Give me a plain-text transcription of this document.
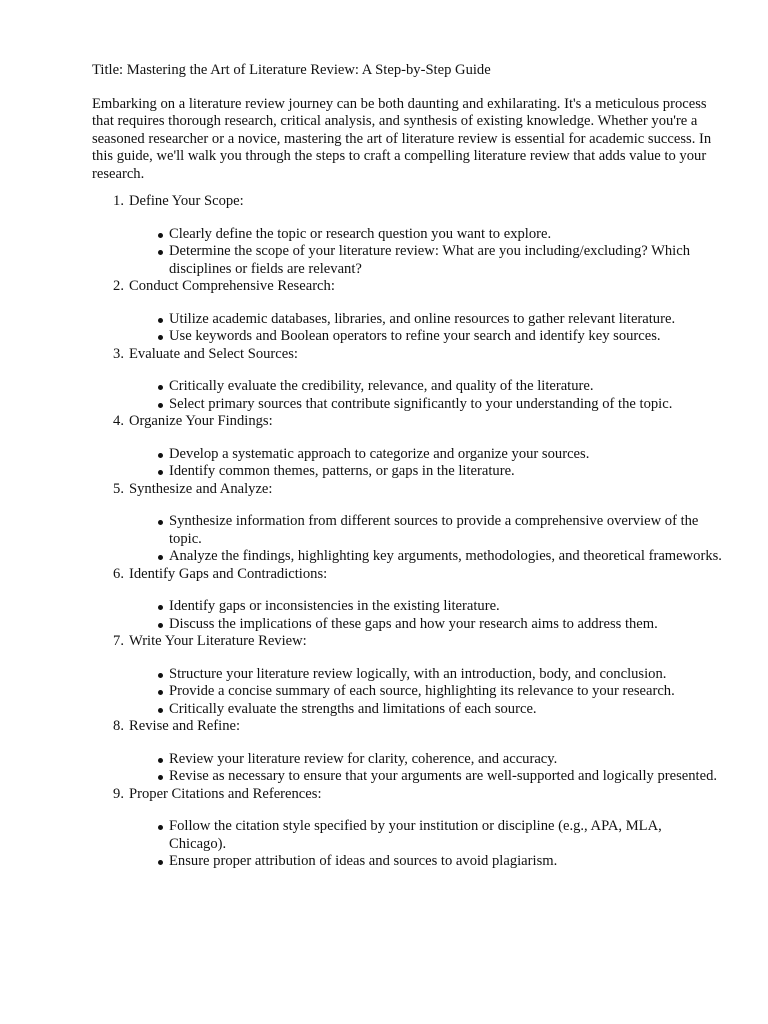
Title: Mastering the Art of Literature Review: A Step-by-Step Guide

Embarking on a literature review journey can be both daunting and exhilarating. It's a meticulous process that requires thorough research, critical analysis, and synthesis of existing knowledge. Whether you're a seasoned researcher or a novice, mastering the art of literature review is essential for academic success. In this guide, we'll walk you through the steps to craft a compelling literature review that adds value to your research.

1. Define Your Scope:
Clearly define the topic or research question you want to explore.
Determine the scope of your literature review: What are you including/excluding? Which disciplines or fields are relevant?
2. Conduct Comprehensive Research:
Utilize academic databases, libraries, and online resources to gather relevant literature.
Use keywords and Boolean operators to refine your search and identify key sources.
3. Evaluate and Select Sources:
Critically evaluate the credibility, relevance, and quality of the literature.
Select primary sources that contribute significantly to your understanding of the topic.
4. Organize Your Findings:
Develop a systematic approach to categorize and organize your sources.
Identify common themes, patterns, or gaps in the literature.
5. Synthesize and Analyze:
Synthesize information from different sources to provide a comprehensive overview of the topic.
Analyze the findings, highlighting key arguments, methodologies, and theoretical frameworks.
6. Identify Gaps and Contradictions:
Identify gaps or inconsistencies in the existing literature.
Discuss the implications of these gaps and how your research aims to address them.
7. Write Your Literature Review:
Structure your literature review logically, with an introduction, body, and conclusion.
Provide a concise summary of each source, highlighting its relevance to your research.
Critically evaluate the strengths and limitations of each source.
8. Revise and Refine:
Review your literature review for clarity, coherence, and accuracy.
Revise as necessary to ensure that your arguments are well-supported and logically presented.
9. Proper Citations and References:
Follow the citation style specified by your institution or discipline (e.g., APA, MLA, Chicago).
Ensure proper attribution of ideas and sources to avoid plagiarism.
